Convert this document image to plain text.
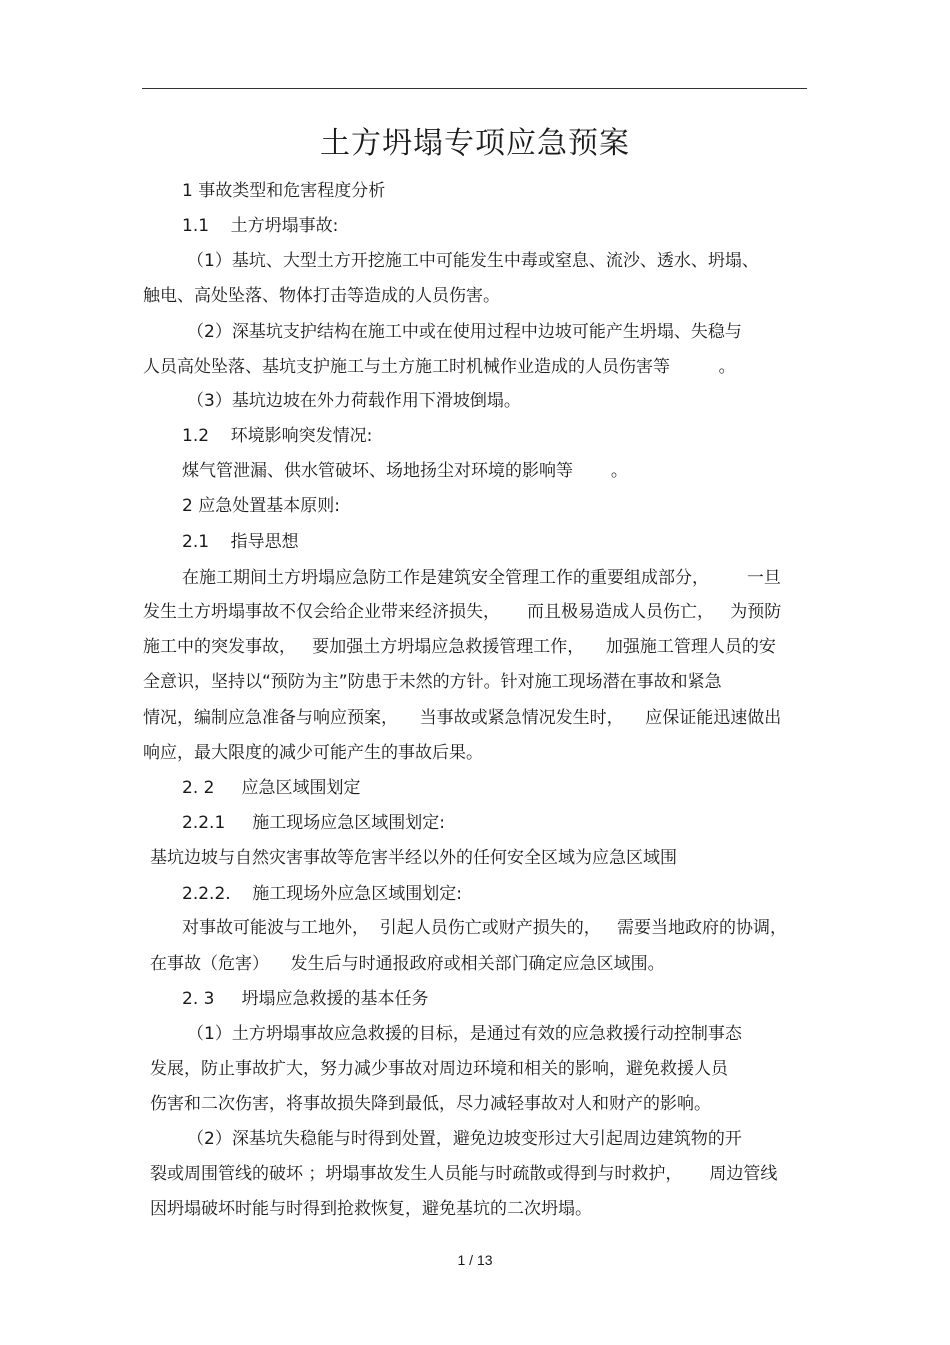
土方坍塌专项应急预案
1 事故类型和危害程度分析
1.1    土方坍塌事故:
（1）基坑、大型土方开挖施工中可能发生中毒或窒息、流沙、透水、坍塌、
触电、高处坠落、物体打击等造成的人员伤害。
（2）深基坑支护结构在施工中或在使用过程中边坡可能产生坍塌、失稳与
人员高处坠落、基坑支护施工与土方施工时机械作业造成的人员伤害等         。
（3）基坑边坡在外力荷载作用下滑坡倒塌。
1.2    环境影响突发情况:
煤气管泄漏、供水管破坏、场地扬尘对环境的影响等       。
2 应急处置基本原则:
2.1    指导思想
在施工期间土方坍塌应急防工作是建筑安全管理工作的重要组成部分，       一旦
发生土方坍塌事故不仅会给企业带来经济损失，     而且极易造成人员伤亡，   为预防
施工中的突发事故，   要加强土方坍塌应急救援管理工作，    加强施工管理人员的安
全意识，坚持以“预防为主”防患于未然的方针。针对施工现场潜在事故和紧急
情况，编制应急准备与响应预案，    当事故或紧急情况发生时，    应保证能迅速做出
响应，最大限度的减少可能产生的事故后果。
2. 2     应急区域围划定
2.2.1     施工现场应急区域围划定:
基坑边坡与自然灾害事故等危害半经以外的任何安全区域为应急区域围
2.2.2.    施工现场外应急区域围划定:
对事故可能波与工地外，  引起人员伤亡或财产损失的，   需要当地政府的协调，
在事故（危害）    发生后与时通报政府或相关部门确定应急区域围。
2. 3     坍塌应急救援的基本任务
（1）土方坍塌事故应急救援的目标，是通过有效的应急救援行动控制事态
发展，防止事故扩大，努力减少事故对周边环境和相关的影响，避免救援人员
伤害和二次伤害，将事故损失降到最低，尽力减轻事故对人和财产的影响。
（2）深基坑失稳能与时得到处置，避免边坡变形过大引起周边建筑物的开
裂或周围管线的破坏 ；坍塌事故发生人员能与时疏散或得到与时救护，     周边管线
因坍塌破坏时能与时得到抢救恢复，避免基坑的二次坍塌。
1 / 13
